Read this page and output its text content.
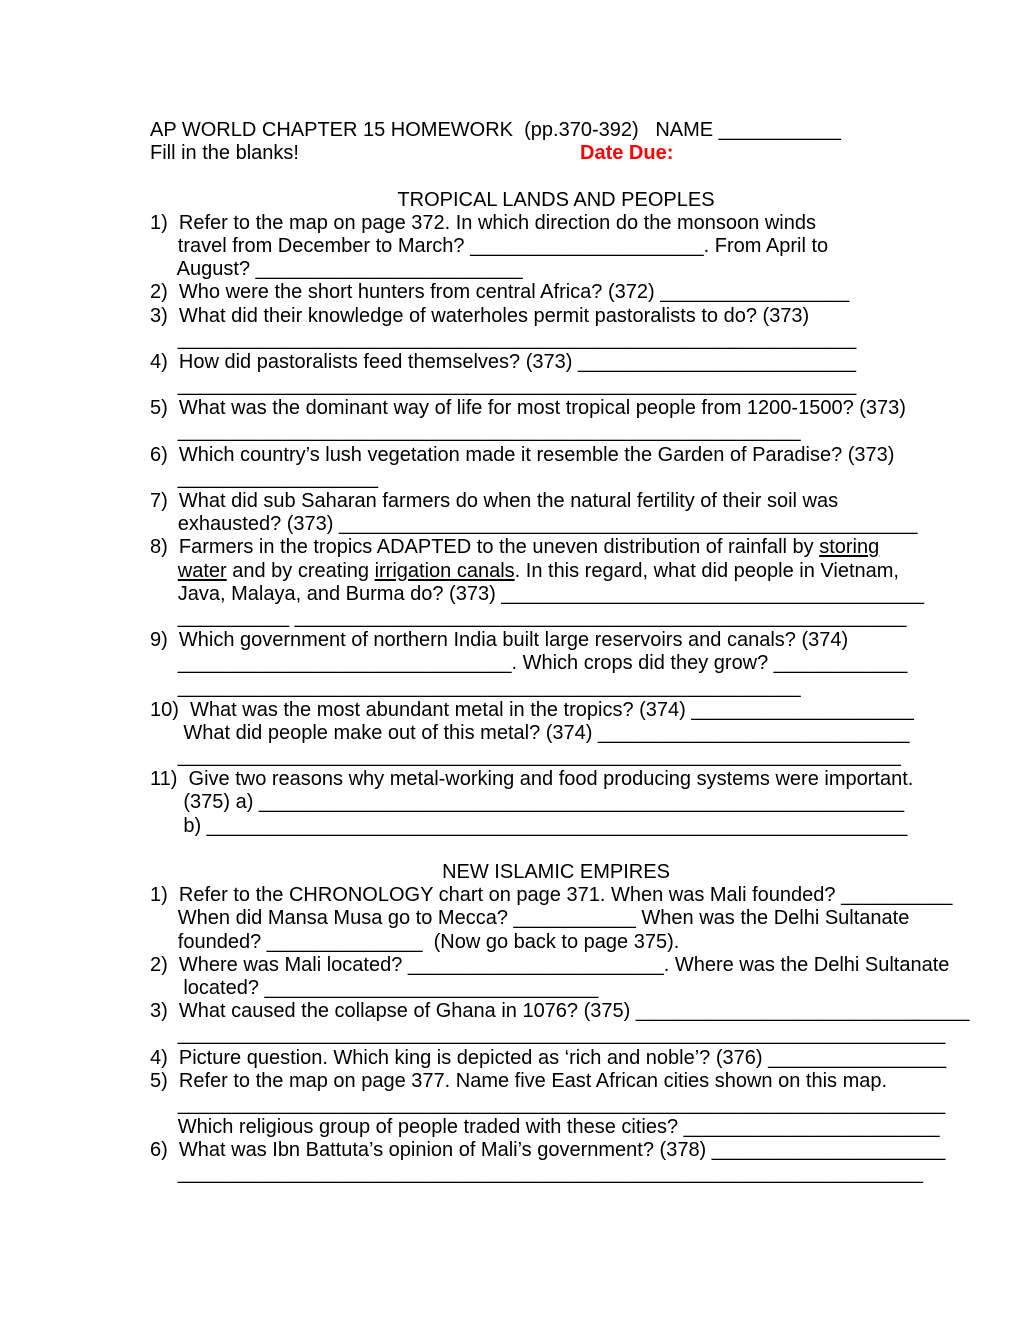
AP WORLD CHAPTER 15 HOMEWORK  (pp.370-392)   NAME ___________
Fill in the blanks!	Date Due:
TROPICAL LANDS AND PEOPLES
1)  Refer to the map on page 372. In which direction do the monsoon winds
travel from December to March? _____________________. From April to
August? ________________________
2)  Who were the short hunters from central Africa? (372) _________________
3)  What did their knowledge of waterholes permit pastoralists to do? (373)
_____________________________________________________________
4)  How did pastoralists feed themselves? (373) _________________________
_____________________________________________________________
5)  What was the dominant way of life for most tropical people from 1200-1500? (373)
________________________________________________________
6)  Which country’s lush vegetation made it resemble the Garden of Paradise? (373)
__________________
7)  What did sub Saharan farmers do when the natural fertility of their soil was
exhausted? (373) ____________________________________________________
8)  Farmers in the tropics ADAPTED to the uneven distribution of rainfall by storing
water and by creating irrigation canals. In this regard, what did people in Vietnam,
Java, Malaya, and Burma do? (373) ______________________________________
__________ _______________________________________________________
9)  Which government of northern India built large reservoirs and canals? (374)
______________________________. Which crops did they grow? ____________
________________________________________________________
10)  What was the most abundant metal in the tropics? (374) ____________________
What did people make out of this metal? (374) ____________________________
_________________________________________________________________
11)  Give two reasons why metal-working and food producing systems were important.
(375) a) __________________________________________________________
b) _______________________________________________________________
NEW ISLAMIC EMPIRES
1)  Refer to the CHRONOLOGY chart on page 371. When was Mali founded? __________
When did Mansa Musa go to Mecca? ___________ When was the Delhi Sultanate
founded? ______________  (Now go back to page 375).
2)  Where was Mali located? _______________________. Where was the Delhi Sultanate
located? ______________________________
3)  What caused the collapse of Ghana in 1076? (375) ______________________________
_____________________________________________________________________
4)  Picture question. Which king is depicted as ‘rich and noble’? (376) ________________
5)  Refer to the map on page 377. Name five East African cities shown on this map.
_____________________________________________________________________
Which religious group of people traded with these cities? _______________________
6)  What was Ibn Battuta’s opinion of Mali’s government? (378) _____________________
___________________________________________________________________
